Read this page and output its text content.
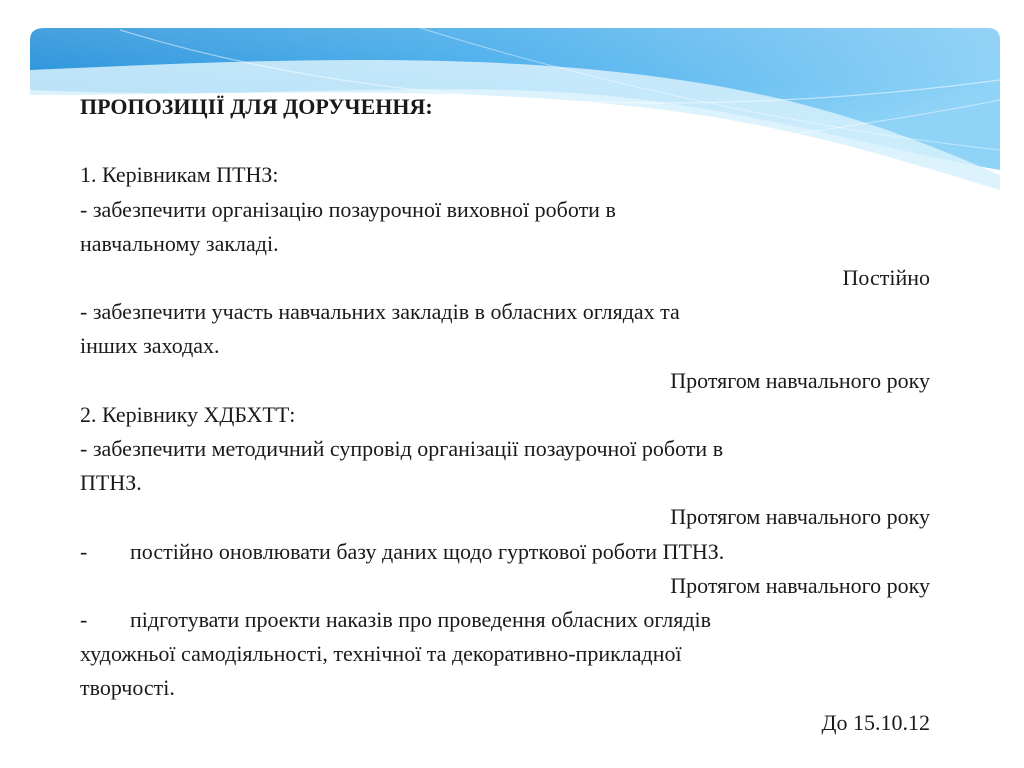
ПРОПОЗИЦІЇ ДЛЯ ДОРУЧЕННЯ:
1. Керівникам ПТНЗ:
- забезпечити організацію позаурочної виховної роботи в
навчальному закладі.
Постійно
- забезпечити участь навчальних закладів в обласних оглядах та
інших заходах.
Протягом навчального року
2. Керівнику ХДБХТТ:
- забезпечити методичний супровід організації позаурочної роботи в
ПТНЗ.
Протягом навчального року
-	постійно оновлювати базу даних щодо гурткової роботи ПТНЗ.
Протягом навчального року
-	підготувати проекти наказів про проведення обласних оглядів
художньої самодіяльності, технічної та декоративно-прикладної
творчості.
До 15.10.12
